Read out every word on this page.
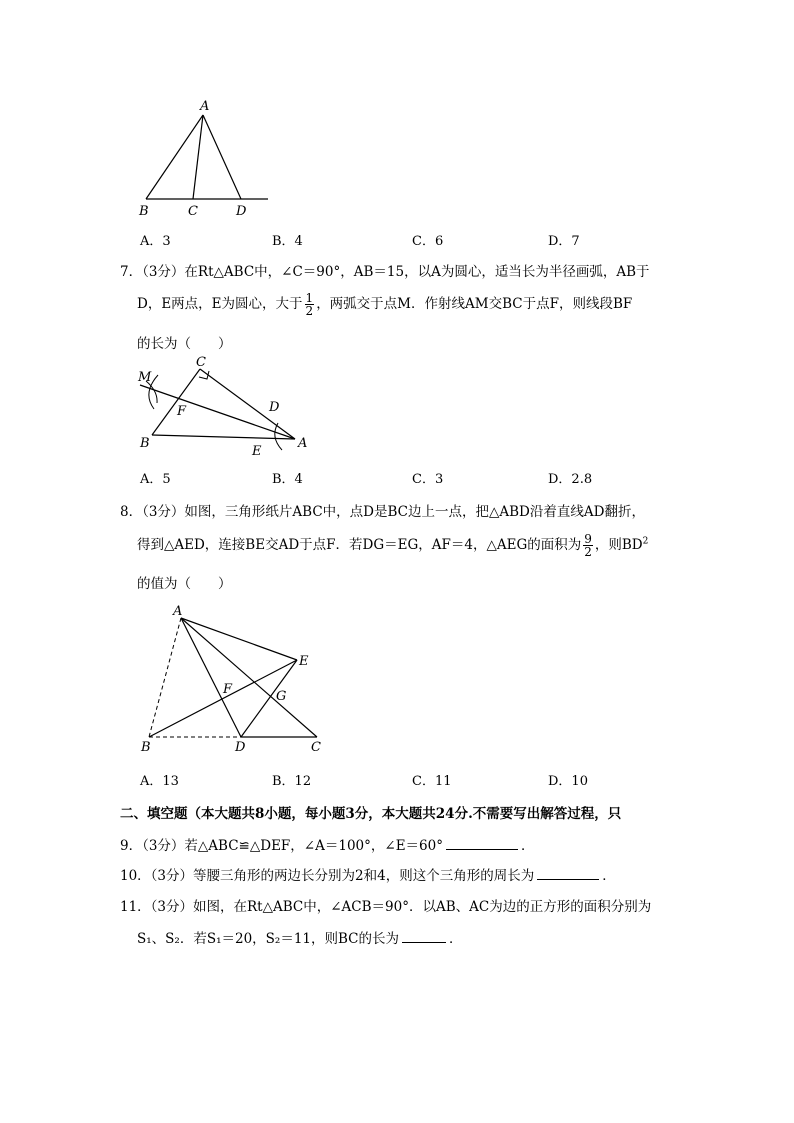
A
B	C	D
A．3	B．4	C．6	D．7
7．（3分）在Rt△ABC中，∠C＝90°，AB＝15，以A为圆心，适当长为半径画弧，AB于
D，E两点，E为圆心，大于 $\frac{1}{2}$ ，两弧交于点M．作射线AM交BC于点F，则线段BF
的长为（　　）
C
M
F	D
B
E
A
A．5	B．4	C．3	D．2.8
8．（3分）如图，三角形纸片ABC中，点D是BC边上一点，把△ABD沿着直线AD翻折，
得到△AED，连接BE交AD于点F．若DG＝EG，AF＝4，△AEG的面积为 $\frac{9}{2}$ ，则$BD^2$
的值为（　　）
A
E
F	G
B	D	C
A．13	B．12	C．11	D．10
二、填空题（本大题共8小题，每小题3分，本大题共24分.不需要写出解答过程，只
9．（3分）若△ABC≌△DEF，∠A＝100°，∠E＝60°	．
10．（3分）等腰三角形的两边长分别为2和4，则这个三角形的周长为	．
11．（3分）如图，在Rt△ABC中，∠ACB＝90°．以AB、AC为边的正方形的面积分别为
S₁、S₂．若S₁＝20，S₂＝11，则BC的长为	．
